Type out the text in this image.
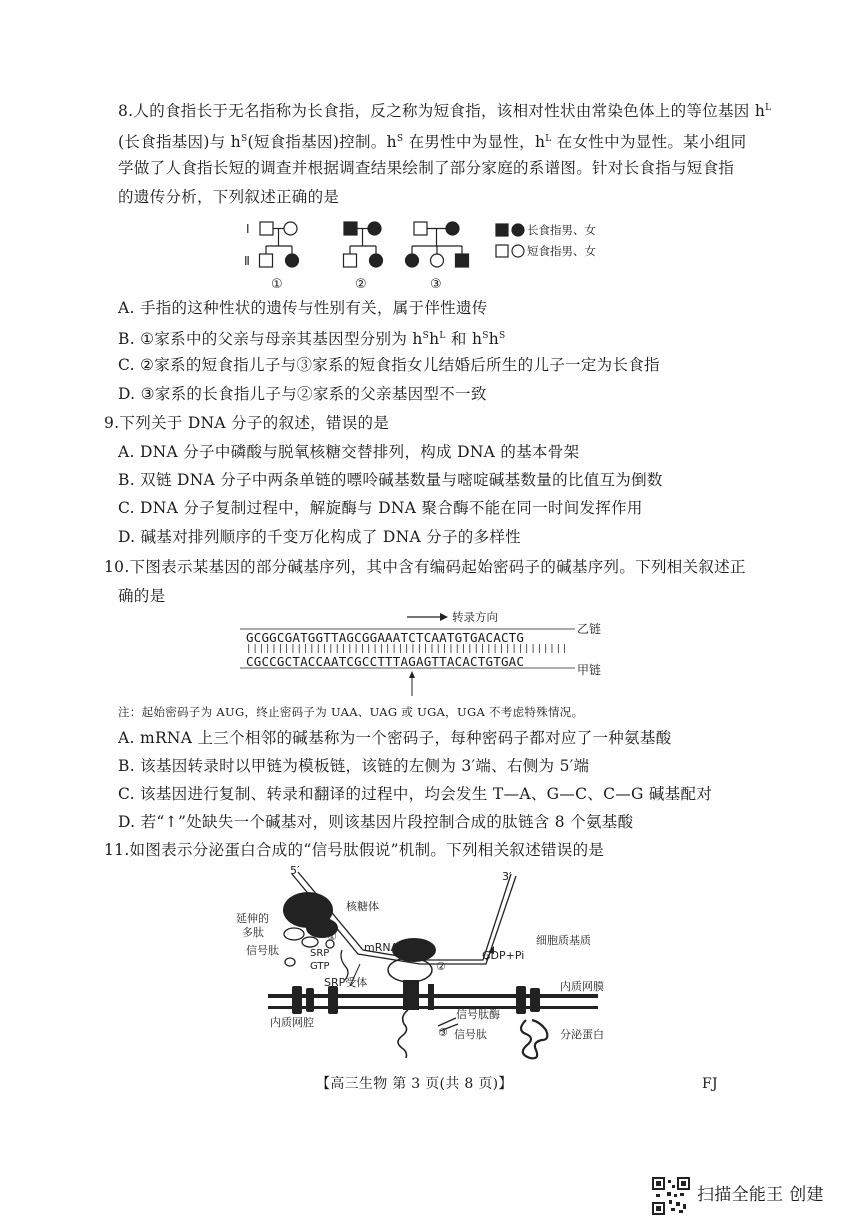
8.人的食指长于无名指称为长食指，反之称为短食指，该相对性状由常染色体上的等位基因 $h^L$
(长食指基因)与 $h^S$(短食指基因)控制。$h^S$ 在男性中为显性，$h^L$ 在女性中为显性。某小组同
学做了人食指长短的调查并根据调查结果绘制了部分家庭的系谱图。针对长食指与短食指
的遗传分析，下列叙述正确的是
I
Ⅱ
①	②	③
长食指男、女
短食指男、女
A. 手指的这种性状的遗传与性别有关，属于伴性遗传
B. ①家系中的父亲与母亲其基因型分别为 $h^Sh^L$ 和 $h^Sh^S$
C. ②家系的短食指儿子与③家系的短食指女儿结婚后所生的儿子一定为长食指
D. ③家系的长食指儿子与②家系的父亲基因型不一致
9.下列关于 DNA 分子的叙述，错误的是
A. DNA 分子中磷酸与脱氧核糖交替排列，构成 DNA 的基本骨架
B. 双链 DNA 分子中两条单链的嘌呤碱基数量与嘧啶碱基数量的比值互为倒数
C. DNA 分子复制过程中，解旋酶与 DNA 聚合酶不能在同一时间发挥作用
D. 碱基对排列顺序的千变万化构成了 DNA 分子的多样性
10.下图表示某基因的部分碱基序列，其中含有编码起始密码子的碱基序列。下列相关叙述正
确的是
转录方向
乙链
甲链
GCGGCGATGGTTAGCGGAAATCTCAATGTGACACTG
|||||||||||||||||||||||||||||||||||||||||||||||||||
CGCCGCTACCAATCGCCTTTAGAGTTACACTGTGAC
注：起始密码子为 AUG，终止密码子为 UAA、UAG 或 UGA，UGA 不考虑特殊情况。
A. mRNA 上三个相邻的碱基称为一个密码子，每种密码子都对应了一种氨基酸
B. 该基因转录时以甲链为模板链，该链的左侧为 3′端、右侧为 5′端
C. 该基因进行复制、转录和翻译的过程中，均会发生 T—A、G—C、C—G 碱基配对
D. 若“↑”处缺失一个碱基对，则该基因片段控制合成的肽链含 8 个氨基酸
11.如图表示分泌蛋白合成的“信号肽假说”机制。下列相关叙述错误的是
5′	3′
核糖体
延伸的
多肽
信号肽	SRP
GTP
mRNA
GDP+Pi
细胞质基质
SRP受体	内质网膜
内质网腔
信号肽酶
信号肽	分泌蛋白
①
②
③
【高三生物 第 3 页(共 8 页)】	FJ
扫描全能王 创建
